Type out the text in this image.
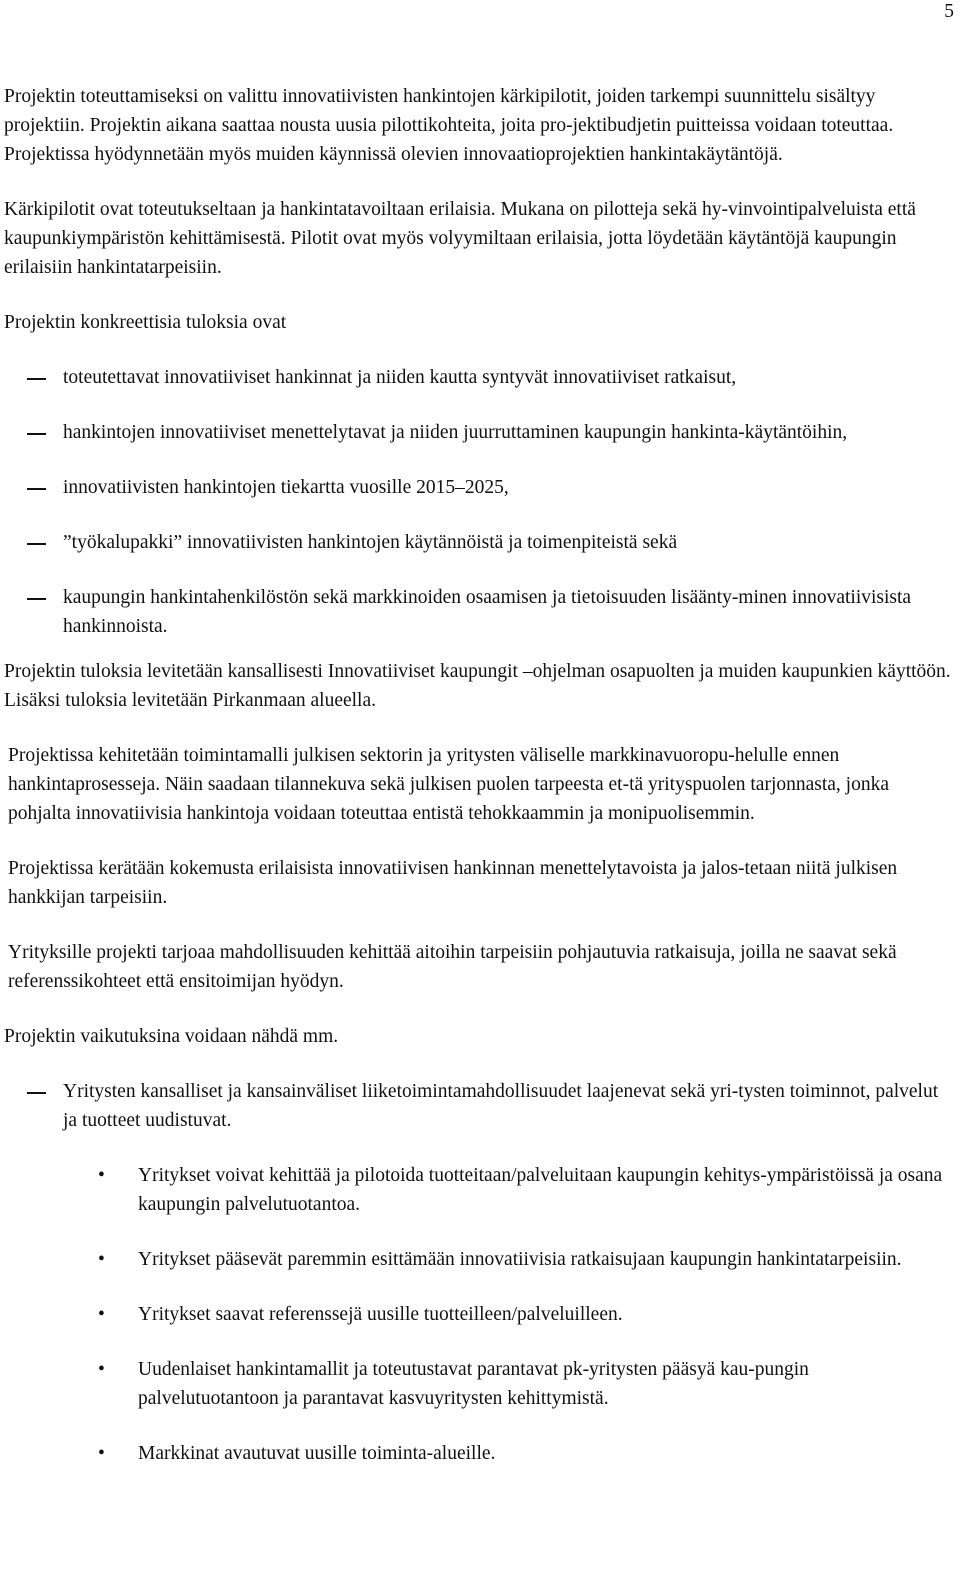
5

Projektin toteuttamiseksi on valittu innovatiivisten hankintojen kärkipilotit, joiden tarkempi suunnittelu sisältyy projektiin. Projektin aikana saattaa nousta uusia pilottikohteita, joita pro-jektibudjetin puitteissa voidaan toteuttaa. Projektissa hyödynnetään myös muiden käynnissä olevien innovaatioprojektien hankintakäytäntöjä.

Kärkipilotit ovat toteutukseltaan ja hankintatavoiltaan erilaisia. Mukana on pilotteja sekä hy-vinvointipalveluista että kaupunkiympäristön kehittämisestä. Pilotit ovat myös volyymiltaan erilaisia, jotta löydetään käytäntöjä kaupungin erilaisiin hankintatarpeisiin.

Projektin konkreettisia tuloksia ovat

toteutettavat innovatiiviset hankinnat ja niiden kautta syntyvät innovatiiviset ratkaisut,
hankintojen innovatiiviset menettelytavat ja niiden juurruttaminen kaupungin hankinta-käytäntöihin,
innovatiivisten hankintojen tiekartta vuosille 2015–2025,
”työkalupakki” innovatiivisten hankintojen käytännöistä ja toimenpiteistä sekä
kaupungin hankintahenkilöstön sekä markkinoiden osaamisen ja tietoisuuden lisäänty-minen innovatiivisista hankinnoista.

Projektin tuloksia levitetään kansallisesti Innovatiiviset kaupungit –ohjelman osapuolten ja muiden kaupunkien käyttöön. Lisäksi tuloksia levitetään Pirkanmaan alueella.

Projektissa kehitetään toimintamalli julkisen sektorin ja yritysten väliselle markkinavuoropu-helulle ennen hankintaprosesseja. Näin saadaan tilannekuva sekä julkisen puolen tarpeesta et-tä yrityspuolen tarjonnasta, jonka pohjalta innovatiivisia hankintoja voidaan toteuttaa entistä tehokkaammin ja monipuolisemmin.

Projektissa kerätään kokemusta erilaisista innovatiivisen hankinnan menettelytavoista ja jalos-tetaan niitä julkisen hankkijan tarpeisiin.

Yrityksille projekti tarjoaa mahdollisuuden kehittää aitoihin tarpeisiin pohjautuvia ratkaisuja, joilla ne saavat sekä referenssikohteet että ensitoimijan hyödyn.

Projektin vaikutuksina voidaan nähdä mm.

Yritysten kansalliset ja kansainväliset liiketoimintamahdollisuudet laajenevat sekä yri-tysten toiminnot, palvelut ja tuotteet uudistuvat.
• Yritykset voivat kehittää ja pilotoida tuotteitaan/palveluitaan kaupungin kehitys-ympäristöissä ja osana kaupungin palvelutuotantoa.
• Yritykset pääsevät paremmin esittämään innovatiivisia ratkaisujaan kaupungin hankintatarpeisiin.
• Yritykset saavat referenssejä uusille tuotteilleen/palveluilleen.
• Uudenlaiset hankintamallit ja toteutustavat parantavat pk-yritysten pääsyä kau-pungin palvelutuotantoon ja parantavat kasvuyritysten kehittymistä.
• Markkinat avautuvat uusille toiminta-alueille.
